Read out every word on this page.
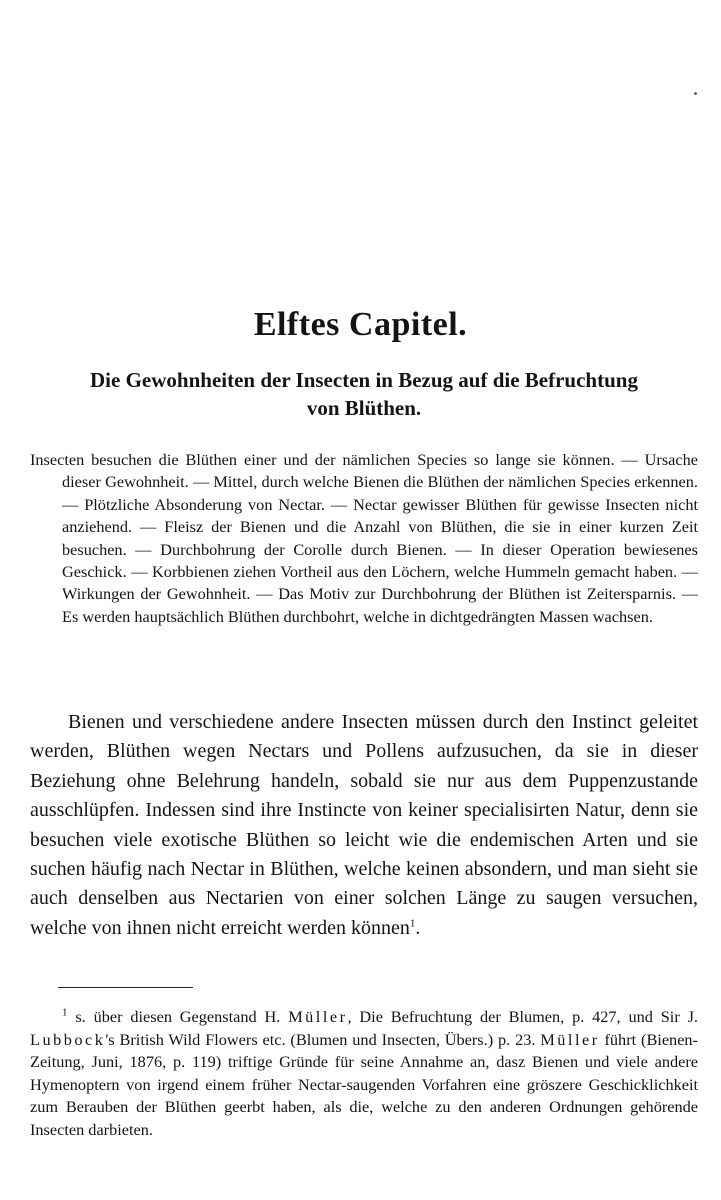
Elftes Capitel.
Die Gewohnheiten der Insecten in Bezug auf die Befruchtung
von Blüthen.

Insecten besuchen die Blüthen einer und der nämlichen Species so lange sie können. — Ursache dieser Gewohnheit. — Mittel, durch welche Bienen die Blüthen der nämlichen Species erkennen. — Plötzliche Absonderung von Nectar. — Nectar gewisser Blüthen für gewisse Insecten nicht anziehend. — Fleisz der Bienen und die Anzahl von Blüthen, die sie in einer kurzen Zeit besuchen. — Durchbohrung der Corolle durch Bienen. — In dieser Operation bewiesenes Geschick. — Korbbienen ziehen Vortheil aus den Löchern, welche Hummeln gemacht haben. — Wirkungen der Gewohnheit. — Das Motiv zur Durchbohrung der Blüthen ist Zeitersparnis. — Es werden hauptsächlich Blüthen durchbohrt, welche in dichtgedrängten Massen wachsen.

Bienen und verschiedene andere Insecten müssen durch den Instinct geleitet werden, Blüthen wegen Nectars und Pollens aufzusuchen, da sie in dieser Beziehung ohne Belehrung handeln, sobald sie nur aus dem Puppenzustande ausschlüpfen. Indessen sind ihre Instincte von keiner specialisirten Natur, denn sie besuchen viele exotische Blüthen so leicht wie die endemischen Arten und sie suchen häufig nach Nectar in Blüthen, welche keinen absondern, und man sieht sie auch denselben aus Nectarien von einer solchen Länge zu saugen versuchen, welche von ihnen nicht erreicht werden können$^1$.

$^1$ s. über diesen Gegenstand H. Müller, Die Befruchtung der Blumen, p. 427, und Sir J. Lubbock's British Wild Flowers etc. (Blumen und Insecten, Übers.) p. 23. Müller führt (Bienen-Zeitung, Juni, 1876, p. 119) triftige Gründe für seine Annahme an, dasz Bienen und viele andere Hymenoptern von irgend einem früher Nectar-saugenden Vorfahren eine gröszere Geschicklichkeit zum Berauben der Blüthen geerbt haben, als die, welche zu den anderen Ordnungen gehörende Insecten darbieten.
